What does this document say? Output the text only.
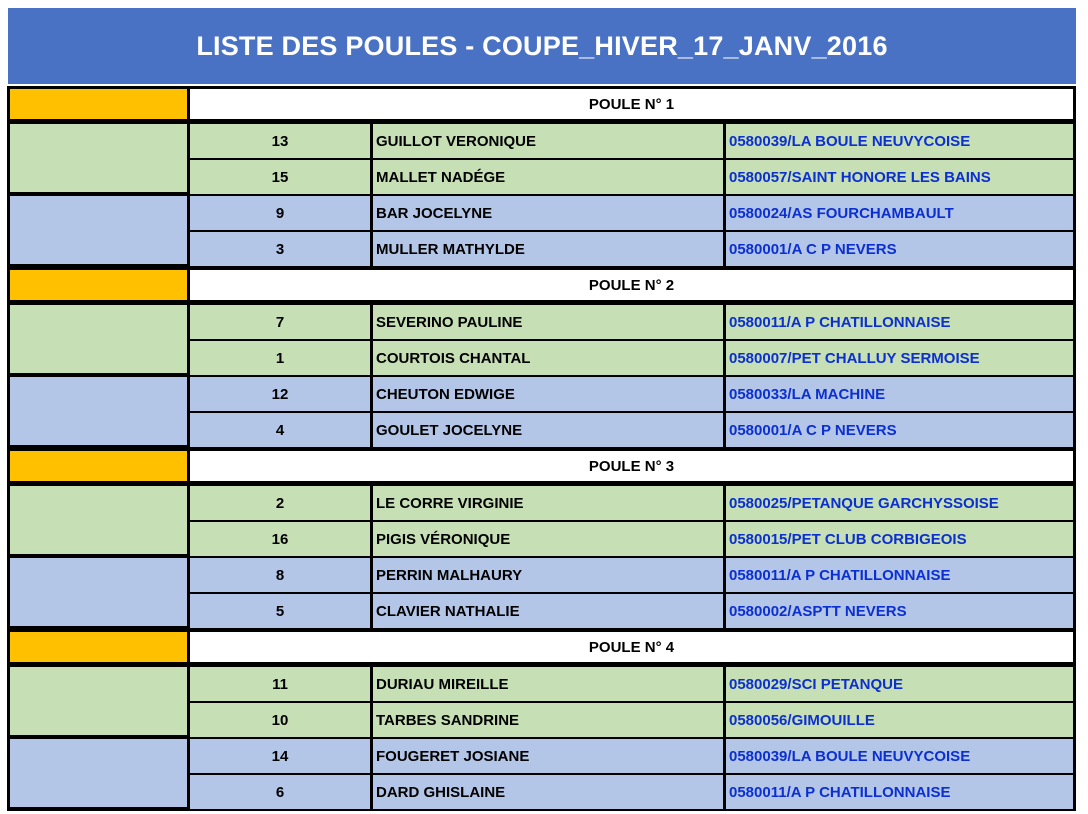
LISTE DES POULES - COUPE_HIVER_17_JANV_2016
POULE N° 1
13	GUILLOT VERONIQUE	0580039/LA BOULE NEUVYCOISE
15	MALLET NADÉGE	0580057/SAINT HONORE LES BAINS
9	BAR JOCELYNE	0580024/AS FOURCHAMBAULT
3	MULLER MATHYLDE	0580001/A C P NEVERS
POULE N° 2
7	SEVERINO PAULINE	0580011/A P CHATILLONNAISE
1	COURTOIS CHANTAL	0580007/PET CHALLUY SERMOISE
12	CHEUTON EDWIGE	0580033/LA MACHINE
4	GOULET JOCELYNE	0580001/A C P NEVERS
POULE N° 3
2	LE CORRE VIRGINIE	0580025/PETANQUE GARCHYSSOISE
16	PIGIS VÉRONIQUE	0580015/PET CLUB CORBIGEOIS
8	PERRIN MALHAURY	0580011/A P CHATILLONNAISE
5	CLAVIER NATHALIE	0580002/ASPTT NEVERS
POULE N° 4
11	DURIAU MIREILLE	0580029/SCI PETANQUE
10	TARBES SANDRINE	0580056/GIMOUILLE
14	FOUGERET JOSIANE	0580039/LA BOULE NEUVYCOISE
6	DARD GHISLAINE	0580011/A P CHATILLONNAISE
